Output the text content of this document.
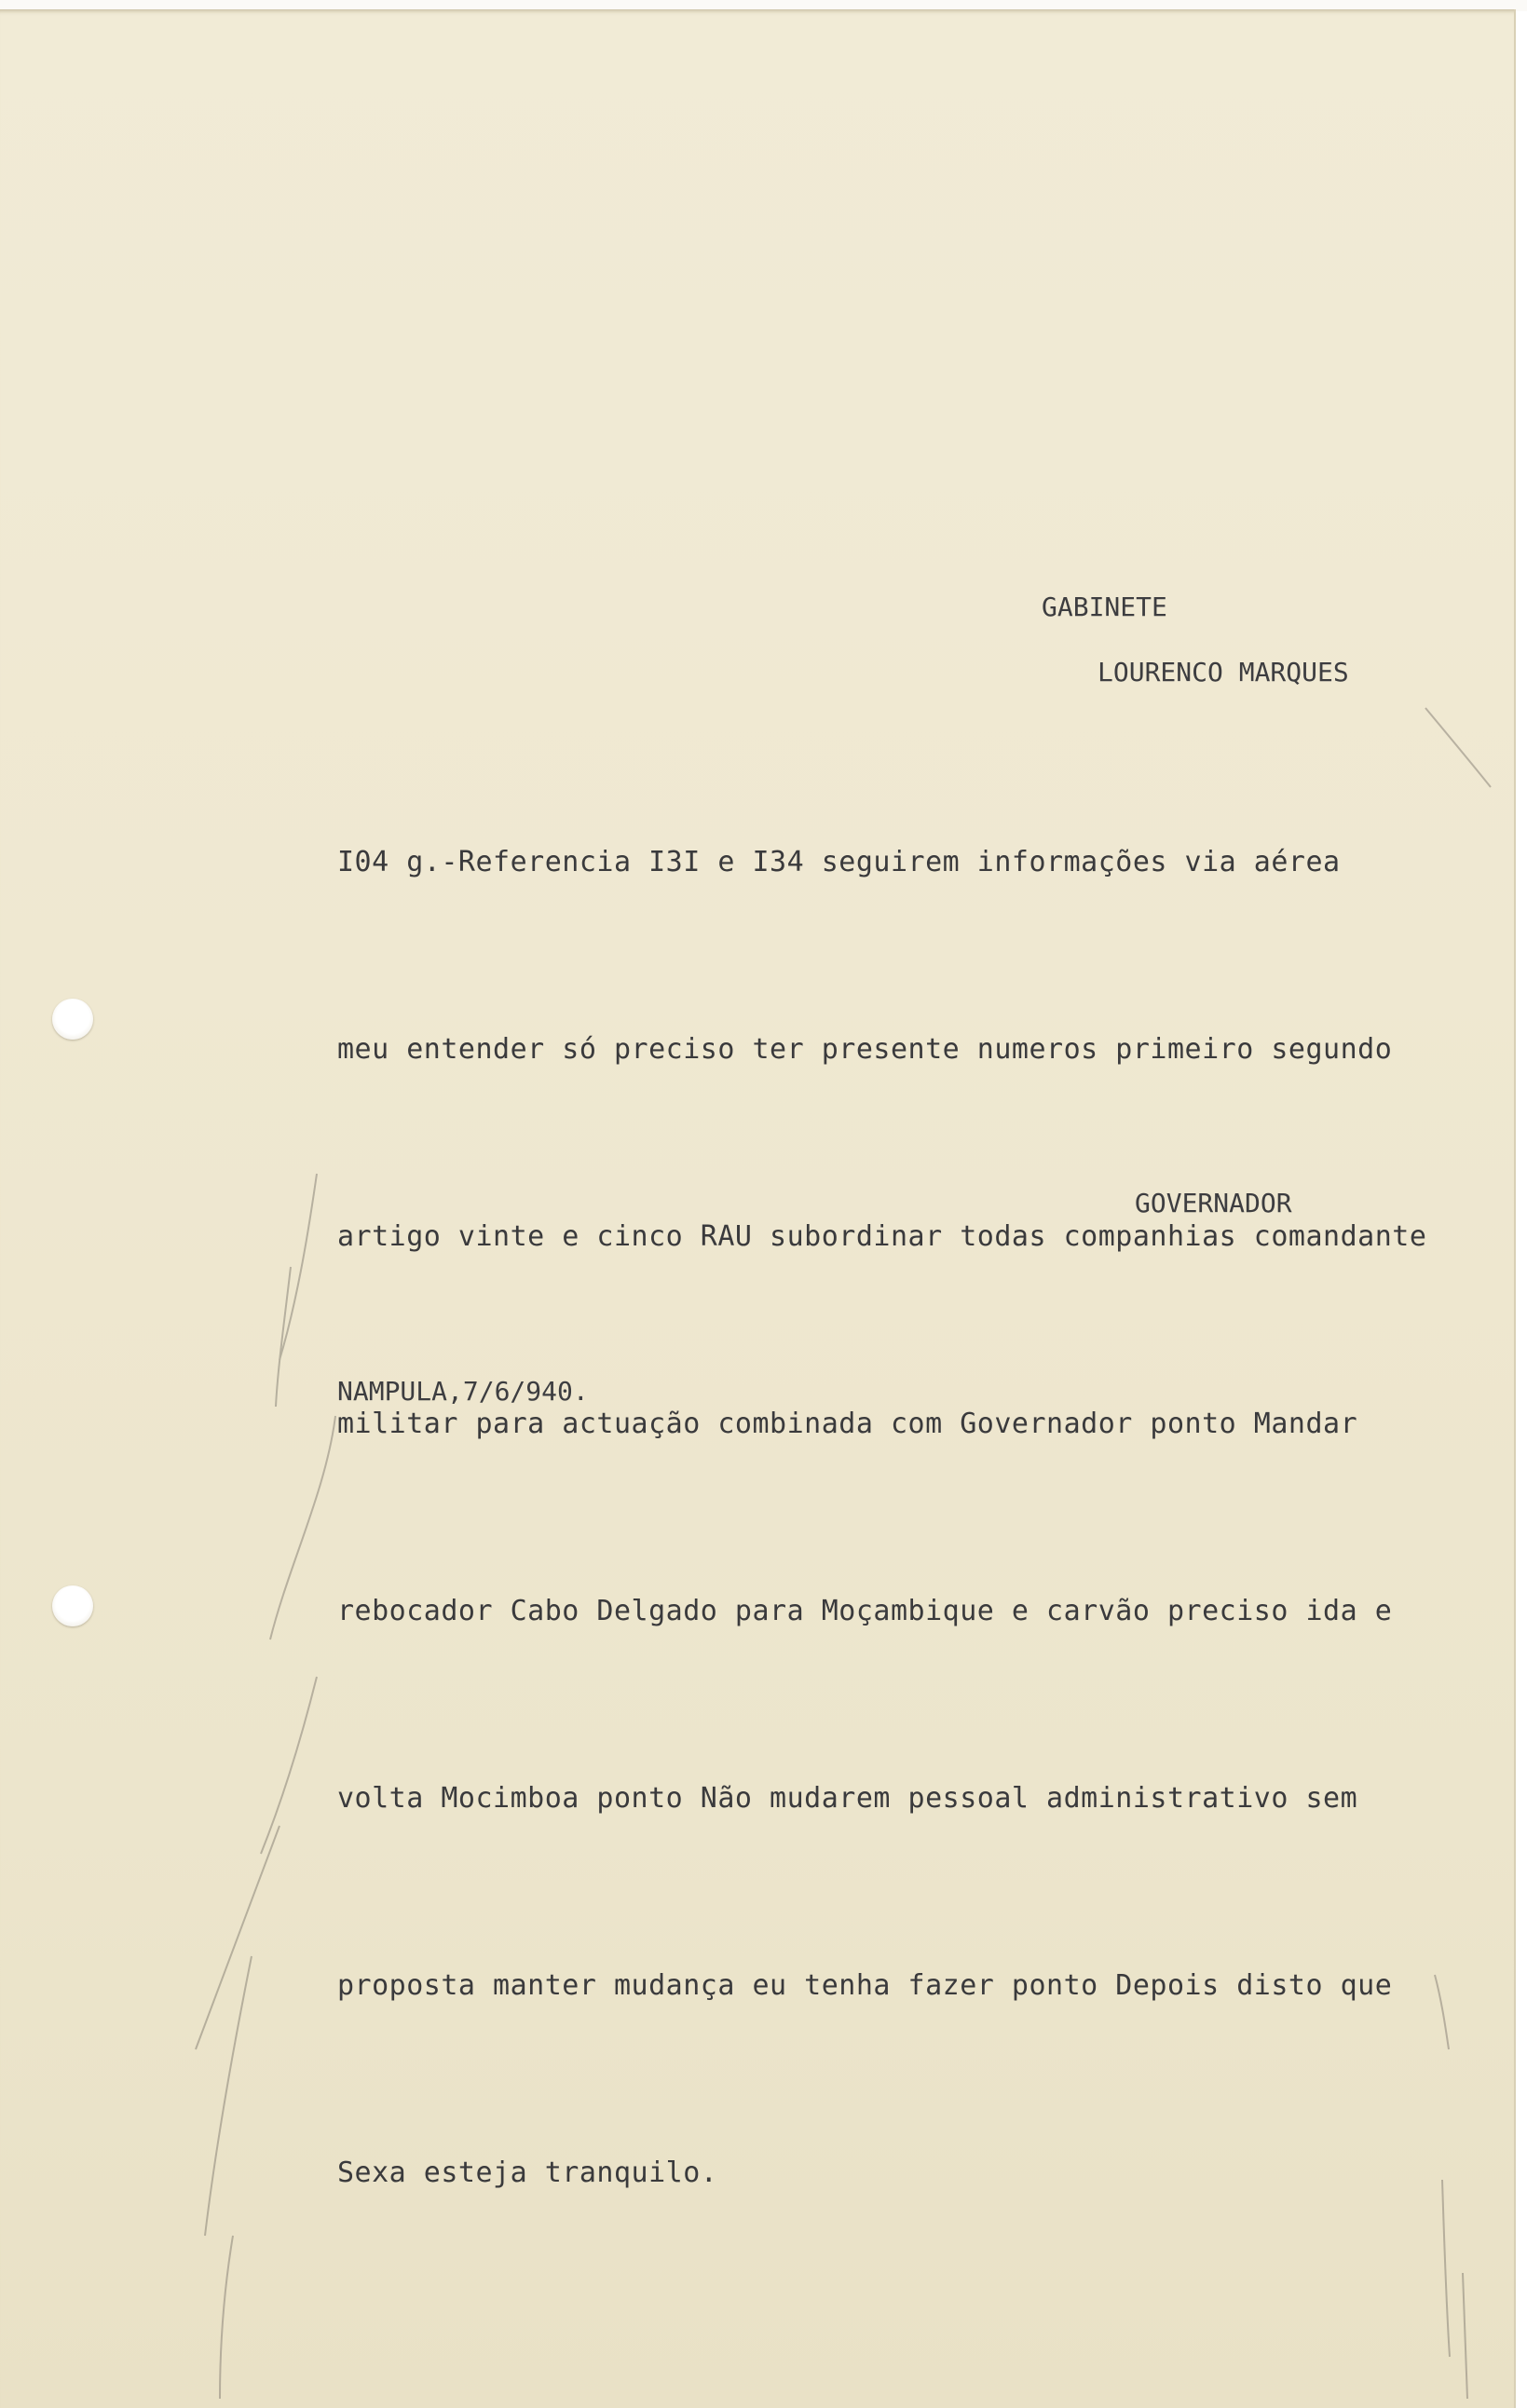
GABINETE

LOURENCO MARQUES

I04 g.-Referencia I3I e I34 seguirem informações via aérea

meu entender só preciso ter presente numeros primeiro segundo

artigo vinte e cinco RAU subordinar todas companhias comandante

militar para actuação combinada com Governador ponto Mandar

rebocador Cabo Delgado para Moçambique e carvão preciso ida e

volta Mocimboa ponto Não mudarem pessoal administrativo sem

proposta manter mudança eu tenha fazer ponto Depois disto que

Sexa esteja tranquilo.

GOVERNADOR

NAMPULA,7/6/940.
